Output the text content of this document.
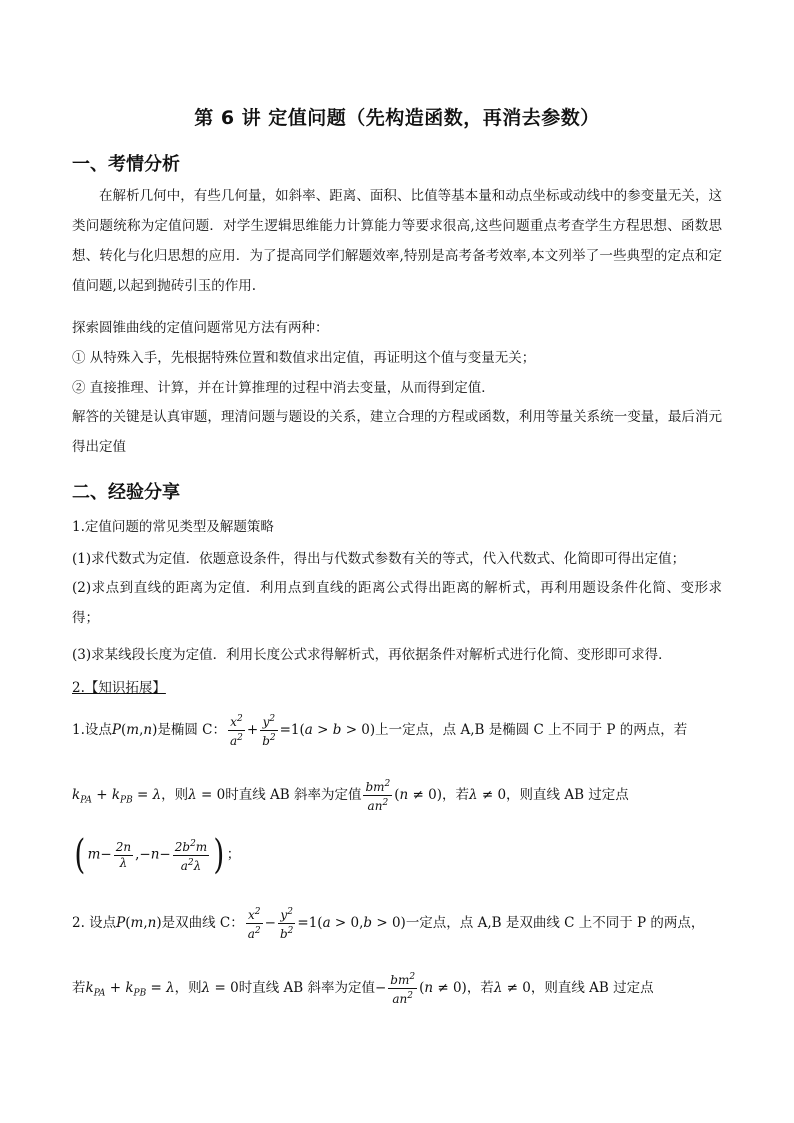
第 6 讲 定值问题（先构造函数，再消去参数）
一、考情分析
在解析几何中，有些几何量，如斜率、距离、面积、比值等基本量和动点坐标或动线中的参变量无关，这类问题统称为定值问题．对学生逻辑思维能力计算能力等要求很高,这些问题重点考查学生方程思想、函数思想、转化与化归思想的应用．为了提高同学们解题效率,特别是高考备考效率,本文列举了一些典型的定点和定值问题,以起到抛砖引玉的作用.
探索圆锥曲线的定值问题常见方法有两种：
① 从特殊入手，先根据特殊位置和数值求出定值，再证明这个值与变量无关；
② 直接推理、计算，并在计算推理的过程中消去变量，从而得到定值．
解答的关键是认真审题，理清问题与题设的关系，建立合理的方程或函数，利用等量关系统一变量，最后消元得出定值
二、经验分享
1.定值问题的常见类型及解题策略
(1)求代数式为定值．依题意设条件，得出与代数式参数有关的等式，代入代数式、化简即可得出定值；
(2)求点到直线的距离为定值．利用点到直线的距离公式得出距离的解析式，再利用题设条件化简、变形求得；
(3)求某线段长度为定值．利用长度公式求得解析式，再依据条件对解析式进行化简、变形即可求得．
2.【知识拓展】
1.设点P(m,n)是椭圆 C： $\frac{x^2}{a^2} + \frac{y^2}{b^2} =1(a > b > 0)$上一定点，点 A,B 是椭圆 C 上不同于 P 的两点，若
$k_{PA} + k_{PB} = \lambda$，则λ = 0时直线 AB 斜率为定值 $\frac{bm^2}{an^2} (n \ne 0)$，若λ ≠ 0，则直线 AB 过定点
( $m- \frac{2n}{\lambda} ,-n- \frac{2b^2m}{a^2\lambda}$ ) ；
2. 设点P(m,n)是双曲线 C： $\frac{x^2}{a^2} - \frac{y^2}{b^2} =1(a > 0,b > 0)$一定点，点 A,B 是双曲线 C 上不同于 P 的两点，
若$k_{PA} + k_{PB} = \lambda$，则λ = 0时直线 AB 斜率为定值− $\frac{bm^2}{an^2} (n \ne 0)$，若λ ≠ 0，则直线 AB 过定点
